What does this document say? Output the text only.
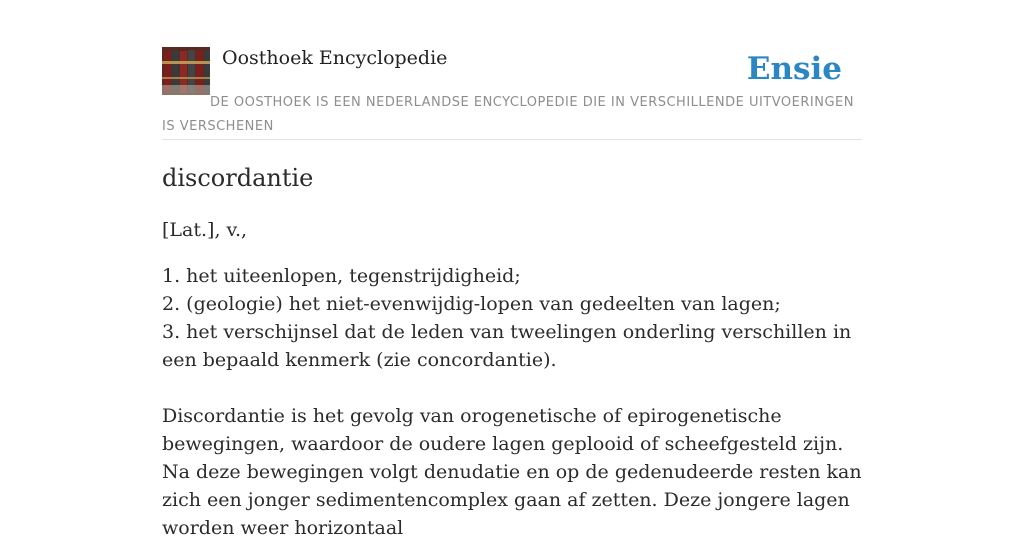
Oosthoek Encyclopedie	Ensie
DE OOSTHOEK IS EEN NEDERLANDSE ENCYCLOPEDIE DIE IN VERSCHILLENDE UITVOERINGEN IS VERSCHENEN
discordantie

[Lat.], v.,

1. het uiteenlopen, tegenstrijdigheid;
2. (geologie) het niet-evenwijdig-lopen van gedeelten van lagen;
3. het verschijnsel dat de leden van tweelingen onderling verschillen in een bepaald kenmerk (zie concordantie).

Discordantie is het gevolg van orogenetische of epirogenetische bewegingen, waardoor de oudere lagen geplooid of scheefgesteld zijn. Na deze bewegingen volgt denudatie en op de gedenudeerde resten kan zich een jonger sedimentencomplex gaan af zetten. Deze jongere lagen worden weer horizontaal
